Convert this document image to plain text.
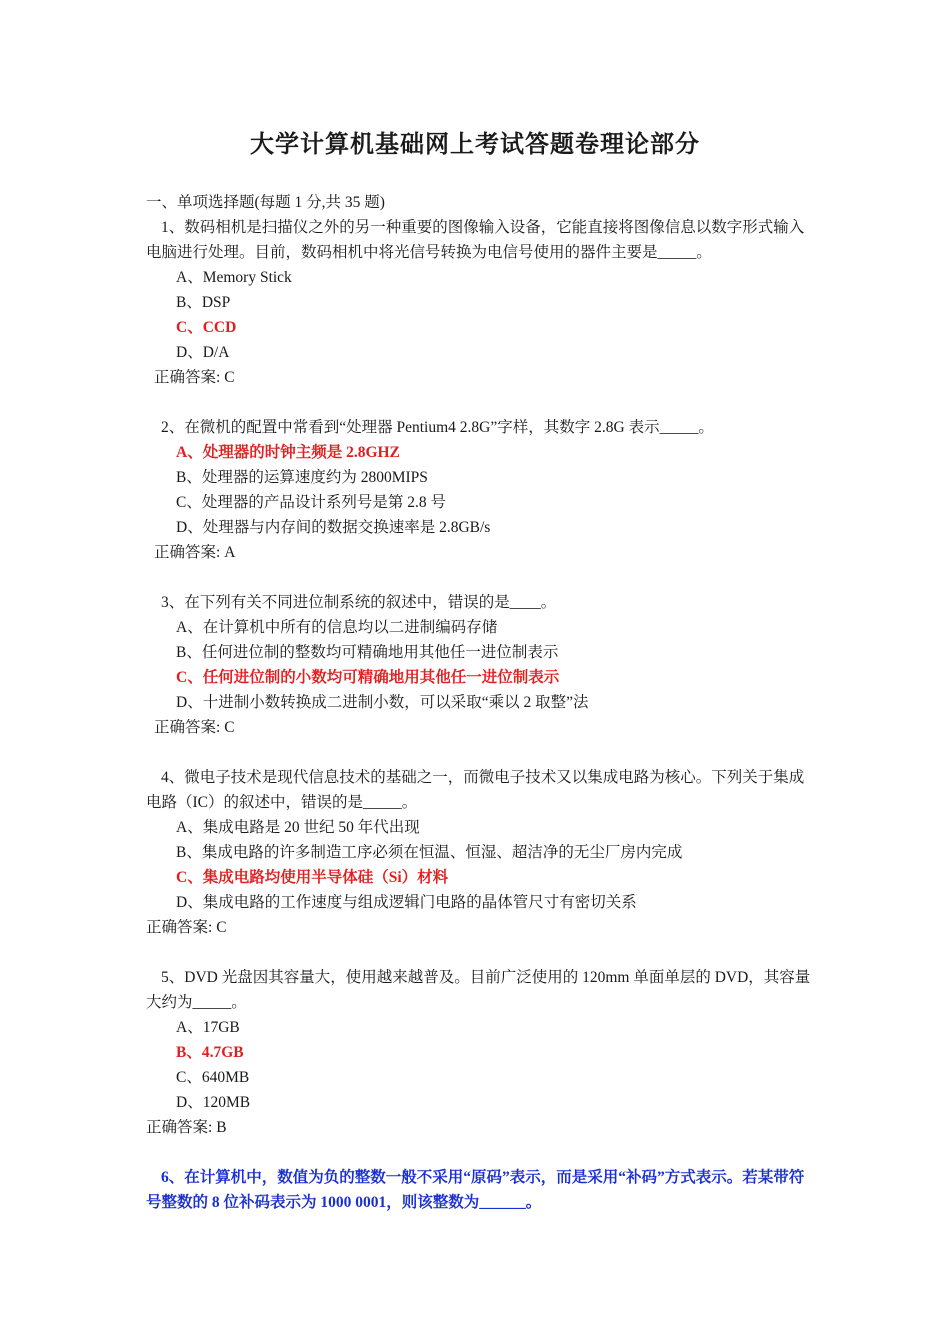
大学计算机基础网上考试答题卷理论部分

一、单项选择题(每题 1 分,共 35 题)

1、数码相机是扫描仪之外的另一种重要的图像输入设备，它能直接将图像信息以数字形式输入电脑进行处理。目前，数码相机中将光信号转换为电信号使用的器件主要是_____。

A、Memory Stick

B、DSP

C、CCD

D、D/A

正确答案: C

2、在微机的配置中常看到“处理器 Pentium4 2.8G”字样，其数字 2.8G 表示_____。

A、处理器的时钟主频是 2.8GHZ

B、处理器的运算速度约为 2800MIPS

C、处理器的产品设计系列号是第 2.8 号

D、处理器与内存间的数据交换速率是 2.8GB/s

正确答案: A

3、在下列有关不同进位制系统的叙述中，错误的是____。

A、在计算机中所有的信息均以二进制编码存储

B、任何进位制的整数均可精确地用其他任一进位制表示

C、任何进位制的小数均可精确地用其他任一进位制表示

D、十进制小数转换成二进制小数，可以采取“乘以 2 取整”法

正确答案: C

4、微电子技术是现代信息技术的基础之一，而微电子技术又以集成电路为核心。下列关于集成电路（IC）的叙述中，错误的是_____。

A、集成电路是 20 世纪 50 年代出现

B、集成电路的许多制造工序必须在恒温、恒湿、超洁净的无尘厂房内完成

C、集成电路均使用半导体硅（Si）材料

D、集成电路的工作速度与组成逻辑门电路的晶体管尺寸有密切关系

正确答案: C

5、DVD 光盘因其容量大，使用越来越普及。目前广泛使用的 120mm 单面单层的 DVD，其容量大约为_____。

A、17GB

B、4.7GB

C、640MB

D、120MB

正确答案: B

6、在计算机中，数值为负的整数一般不采用“原码”表示，而是采用“补码”方式表示。若某带符号整数的 8 位补码表示为 1000 0001，则该整数为______。
